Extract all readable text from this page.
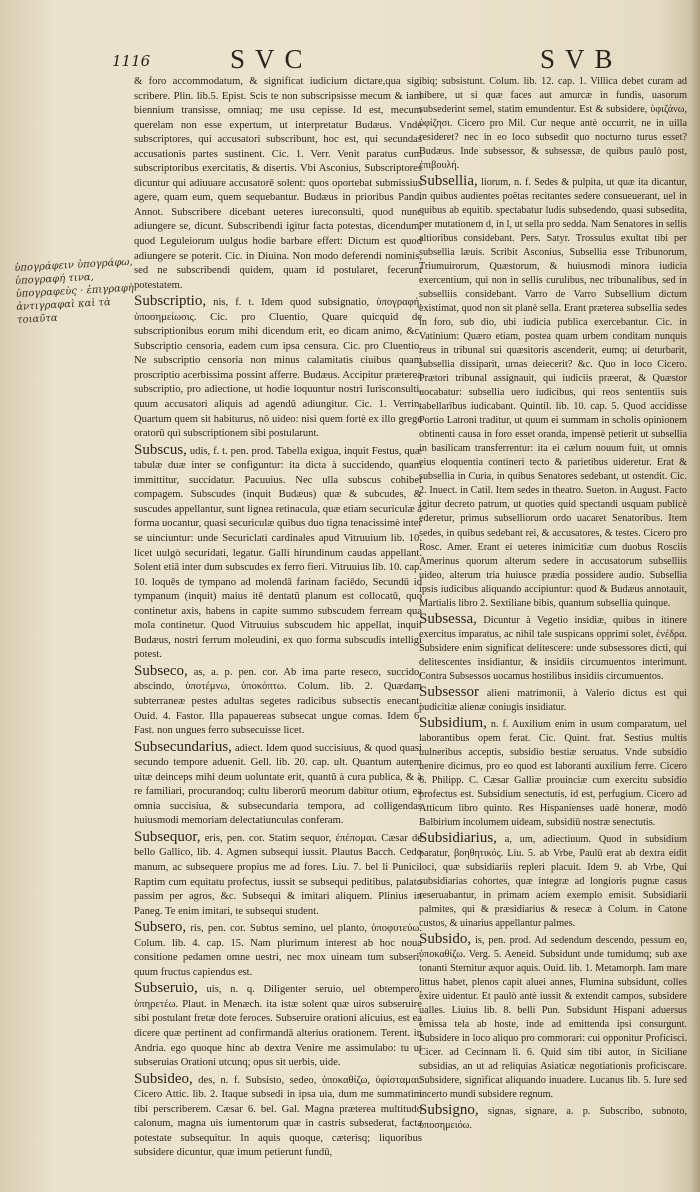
1116	SVC	SVB
ὑπογράφειν ὑπογράφω, ὑπογραφή τινα, ὑπογραφεὺς · ἐπιγραφὴ ἀντιγραφαὶ καὶ τὰ τοιαῦτα

& foro accommodatum, & significat iudicium dictare,qua sig. scribere. Plin. lib.5. Epist. Scis te non subscripsisse mecum & iam biennium transisse, omniaq; me usu cepisse. Id est, mecum querelam non esse expertum, ut interpretatur Budæus. Vnde subscriptores, qui accusatori subscribunt, hoc est, qui secundas accusationis partes sustinent. Cic. 1. Verr. Venit paratus cum subscriptoribus exercitatis, & disertis. Vbi Asconius, Subscriptores dicuntur qui adiuuare accusatorē solent: quos oportebat submissius agere, quam eum, quem sequebantur. Budæus in prioribus Pand. Annot. Subscribere dicebant ueteres iureconsulti, quod nunc adiungere se, dicunt. Subscribendi igitur facta potestas, dicendum, quod Leguleiorum uulgus hodie barbare effert: Dictum est quod adiungere se poterit. Cic. in Diuina. Non modo deferendi nominis, sed ne subscribendi quidem, quam id postularet, fecerunt potestatem.

Subscriptio, nis, f. t. Idem quod subsignatio, ὑπογραφή, ὑποσημείωσις. Cic. pro Cluentio, Quare quicquid de subscriptionibus eorum mihi dicendum erit, eo dicam animo, &c. Subscriptio censoria, eadem cum ipsa censura. Cic. pro Cluentio. Ne subscriptio censoria non minus calamitatis ciuibus quam proscriptio acerbissima possint afferre. Budæus. Accipitur præterea subscriptio, pro adiectione, ut hodie loquuntur nostri Iurisconsulti, quum accusatori aliquis ad agendū adiungitur. Cic. 1. Verrin. Quartum quem sit habiturus, nō uideo: nisi quem fortè ex illo grege oratorū qui subscriptionem sibi postularunt.

Subscus, udis, f. t. pen. prod. Tabella exigua, inquit Festus, quæ tabulæ duæ inter se configuntur: ita dicta à succidendo, quam immittitur, succidatur. Pacuuius. Nec ulla subscus cohibet compagem. Subscudes (inquit Budæus) quæ & subcudes, & suscudes appellantur, sunt lignea retinacula, quæ etiam securiculæ à forma uocantur, quasi securiculæ quibus duo tigna tenacissimè inter se uinciuntur: unde Securiclati cardinales apud Vitruuium lib. 10. licet uulgò securidati, legatur. Galli hirundinum caudas appellant. Solent etiā inter dum subscudes ex ferro fieri. Vitruuius lib. 10. cap. 10. loquēs de tympano ad molendā farinam faciēdo, Secundū id tympanum (inquit) maius itē dentatū planum est collocatū, quo continetur axis, habens in capite summo subscudem ferream qua mola continetur. Quod Vitruuius subscudem hic appellat, inquit Budæus, nostri ferrum moleudini, ex quo forma subscudis intelligi potest.

Subseco, as, a. p. pen. cor. Ab ima parte reseco, succido, abscindo, ὑποτέμνω, ὑποκόπτω. Colum. lib. 2. Quædam subterraneæ pestes adultas segetes radicibus subsectis enecant. Ouid. 4. Fastor. Illa papauereas subsecat ungue comas. Idem 6. Fast. non ungues ferro subsecuisse licet.

Subsecundarius, adiect. Idem quod succisiuus, & quod quasi secundo tempore aduenit. Gell. lib. 20. cap. ult. Quantum autem uitæ deinceps mihi deum uoluntate erit, quantū à cura publica, & à re familiari, procurandoq; cultu liberorū meorum dabitur otium, ea omnia succisiua, & subsecundaria tempora, ad colligendas huiusmodi memoriam delectatiunculas conferam.

Subsequor, eris, pen. cor. Statim sequor, ἐπέπομαι. Cæsar de bello Gallico, lib. 4. Agmen subsequi iussit. Plautus Bacch. Cedo manum, ac subsequere propius me ad fores. Liu. 7. bel li Punici. Raptim cum equitatu profectus, iussit se subsequi peditibus, palato passim per agros, &c. Subsequi & imitari aliquem. Plinius in Paneg. Te enim imitari, te subsequi student.

Subsero, ris, pen. cor. Subtus semino, uel planto, ὑποφυτεύω. Colum. lib. 4. cap. 15. Nam plurimum interest ab hoc noua consitione pedamen omne uestri, nec mox uineam tum subseri, quum fructus capiendus est.

Subseruio, uis, n. q. Diligenter seruio, uel obtempero, ὑπηρετέω. Plaut. in Menæch. ita istæ solent quæ uiros subseruire sibi postulant fretæ dote feroces. Subseruire orationi alicuius, est ea dicere quæ pertinent ad confirmandā alterius orationem. Terent. in Andria. ego quoque hinc ab dextra Venire me assimulabo: tu ut subseruias Orationi utcunq; opus sit uerbis, uide.

Subsideo, des, n. f. Subsisto, sedeo, ὑποκαθίζω, ὑφίσταμαι. Cicero Attic. lib. 2. Itaque subsedi in ipsa uia, dum me summatim tibi perscriberem. Cæsar 6. bel. Gal. Magna præterea multitudo calonum, magna uis iumentorum quæ in castris subsederat, facta potestate subsequitur. In aquis quoque, cæterisq; liquoribus subsidere dicuntur, quæ imum petierunt fundū,

ibiq; subsistunt. Colum. lib. 12. cap. 1. Villica debet curam ad hibere, ut si quæ faces aut amurcæ in fundis, uasorum subsederint semel, statim emundentur. Est & subsidere, ὑφιζάνω, ὑφίζησι. Cicero pro Mil. Cur neque antè occurrit, ne in uilla resideret? nec in eo loco subsedit quo nocturno turus esset? Budæus. Inde subsessor, & subsessæ, de quibus paulò post, ἐπιβουλή.

Subsellia, liorum, n. f. Sedes & pulpita, ut quæ ita dicantur, in quibus audientes poëtas recitantes sedere consueuerant, uel in quibus ab equitib. spectabatur ludis subsedendo, quasi subsedita, per mutationem d, in l, ut sella pro sedda. Nam Senatores in sellis altioribus considebant. Pers. Satyr. Trossulus exultat tibi per subsellia læuis. Scribit Asconius, Subsellia esse Tribunorum, Triumuirorum, Quæstorum, & huiusmodi minora iudicia exercentium, qui non in sellis curulibus, nec tribunalibus, sed in subselliis considebant. Varro de Varro Subsellium dictum existimat, quod non sit planè sella. Erant præterea subsellia sedes in foro, sub dio, ubi iudicia publica exercebantur. Cic. in Vatinium: Quæro etiam, postea quam urbem conditam nunquis reus in tribunal sui quæsitoris ascenderit, eumq; ui deturbarit, subsellia dissiparit, urnas deiecerit? &c. Quo in loco Cicero. Prætori tribunal assignauit, qui iudiciis præerat, & Quæstor uocabatur: subsellia uero iudicibus, qui reos sententiis suis tabellarībus iudicabant. Quintil. lib. 10. cap. 5. Quod accidisse Portio Latroni traditur, ut quum ei summam in scholis opinionem obtinenti causa in foro esset oranda, impensè petierit ut subsellia in basilicam transferrentur: ita ei cælum nouum fuit, ut omnis eius eloquentia contineri tecto & parietibus uideretur. Erat & subsellia in Curia, in quibus Senatores sedebant, ut ostendit. Cic. 2. Inuect. in Catil. Item sedes in theatro. Sueton. in August. Facto igitur decreto patrum, ut quoties quid spectandi usquam publicè ederetur, primus subselliorum ordo uacaret Senatoribus. Item sedes, in quibus sedebant rei, & accusatores, & testes. Cicero pro Rosc. Amer. Erant ei ueteres inimicitiæ cum duobus Rosciis Amerinus quorum alterum sedere in accusatorum subselliis uideo, alterum tria huiusce prædia possidere audio. Subsellia ipsis iudicibus aliquando accipiuntur: quod & Budæus annotauit, Martialis libro 2. Sextiliane bibis, quantum subsellia quinque.

Subsessa, Dicuntur à Vegetio insidiæ, quibus in itinere exercitus imparatus, ac nihil tale suspicans opprimi solet, ἐνέδρα. Subsidere enim significat delitescere: unde subsessores dicti, qui delitescentes insidiantur, & insidiis circumuentos interimunt. Contra Subsessos uocamus hostilibus insidiis circumuentos.

Subsessor alieni matrimonii, à Valerio dictus est qui pudicitiæ alienæ coniugis insidiatur.

Subsidium, n. f. Auxilium enim in usum comparatum, uel laborantibus opem ferat. Cic. Quint. frat. Sestius multis uulneribus acceptis, subsidio bestiæ seruatus. Vnde subsidio uenire dicimus, pro eo quod est laboranti auxilium ferre. Cicero 6. Philipp. C. Cæsar Galliæ prouinciæ cum exercitu subsidio profectus est. Subsidium senectutis, id est, perfugium. Cicero ad Atticum libro quinto. Res Hispanienses uadè honeræ, modò Balbirium incolumem uideam, subsidiū nostræ senectutis.

Subsidiarius, a, um, adiectiuum. Quod in subsidium paratur, βοηθητικός. Liu. 5. ab Vrbe, Paulū erat ab dextra eidit loci, quæ subsidiariis repleri placuit. Idem 9. ab Vrbe, Qui subsidiarias cohortes, quæ integræ ad longioris pugnæ casus reseruabantur, in primam aciem exemplo emisit. Subsidiarii palmites, qui & præsidiarius & resecæ à Colum. in Catone custos, & uinarius appellantur palmes.

Subsido, is, pen. prod. Ad sedendum descendo, pessum eo, ὑποκαθίζω. Verg. 5. Aeneid. Subsidunt unde tumidumq; sub axe tonanti Sternitur æquor aquis. Ouid. lib. 1. Metamorph. Iam mare littus habet, plenos capit aluei annes, Flumina subsidunt, colles exire uidentur. Et paulò antè iussit & extendit campos, subsidere ualles. Liuius lib. 8. belli Pun. Subsidunt Hispani aduersus emissa tela ab hoste, inde ad emittenda ipsi consurgunt. Subsidere in loco aliquo pro commorari: cui opponitur Proficisci. Cicer. ad Cecinnam li. 6. Quid sim tibi autor, in Siciliane subsidias, an ut ad reliquias Asiaticæ negotiationis proficiscare. Subsidere, significat aliquando inuadere. Lucanus lib. 5. Iure sed incerto mundi subsidere regnum.

Subsigno, signas, signare, a. p. Subscribo, subnoto, ὑποσημειόω.
